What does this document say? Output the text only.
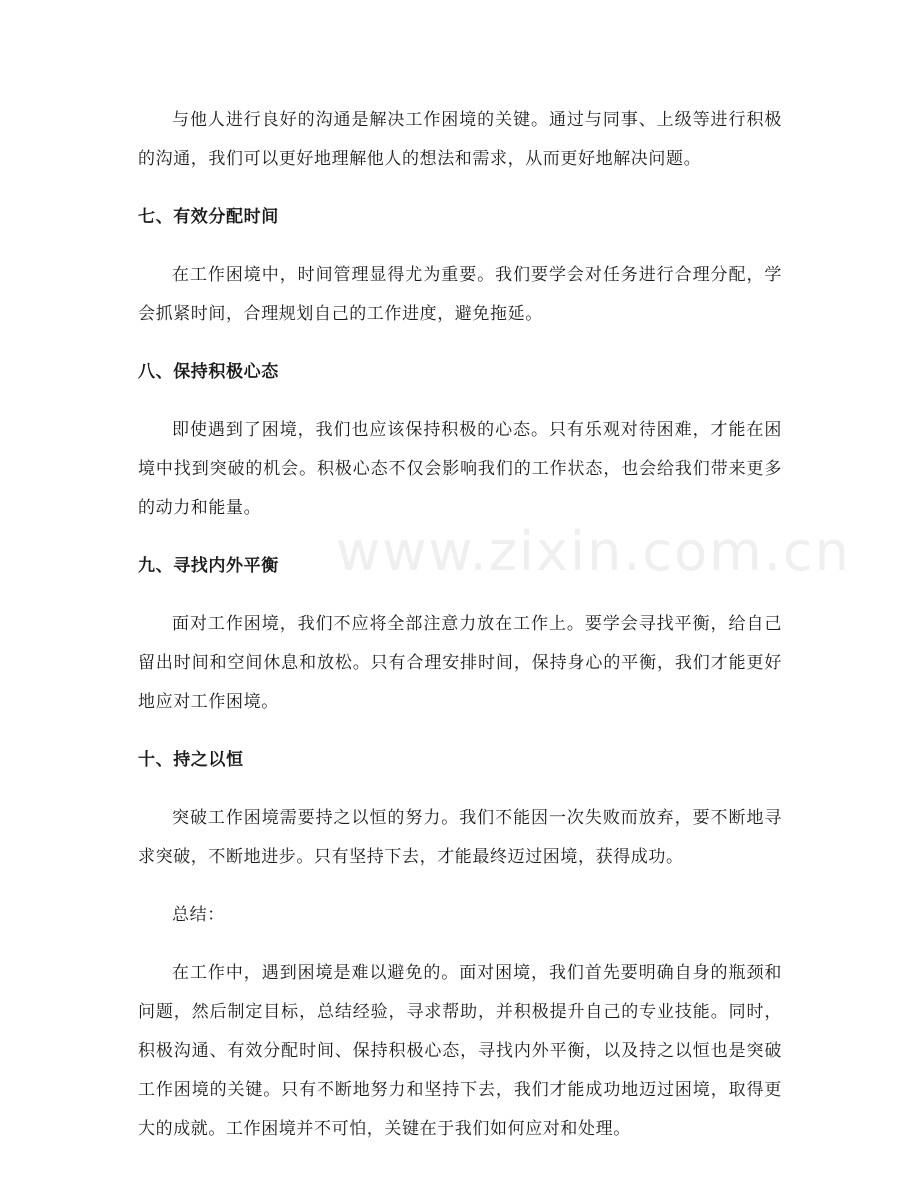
与他人进行良好的沟通是解决工作困境的关键。通过与同事、上级等进行积极的沟通，我们可以更好地理解他人的想法和需求，从而更好地解决问题。

七、有效分配时间

在工作困境中，时间管理显得尤为重要。我们要学会对任务进行合理分配，学会抓紧时间，合理规划自己的工作进度，避免拖延。

八、保持积极心态

即使遇到了困境，我们也应该保持积极的心态。只有乐观对待困难，才能在困境中找到突破的机会。积极心态不仅会影响我们的工作状态，也会给我们带来更多的动力和能量。

九、寻找内外平衡

面对工作困境，我们不应将全部注意力放在工作上。要学会寻找平衡，给自己留出时间和空间休息和放松。只有合理安排时间，保持身心的平衡，我们才能更好地应对工作困境。

十、持之以恒

突破工作困境需要持之以恒的努力。我们不能因一次失败而放弃，要不断地寻求突破，不断地进步。只有坚持下去，才能最终迈过困境，获得成功。

总结：

在工作中，遇到困境是难以避免的。面对困境，我们首先要明确自身的瓶颈和问题，然后制定目标，总结经验，寻求帮助，并积极提升自己的专业技能。同时，积极沟通、有效分配时间、保持积极心态，寻找内外平衡，以及持之以恒也是突破工作困境的关键。只有不断地努力和坚持下去，我们才能成功地迈过困境，取得更大的成就。工作困境并不可怕，关键在于我们如何应对和处理。

www.zixin.com.cn
